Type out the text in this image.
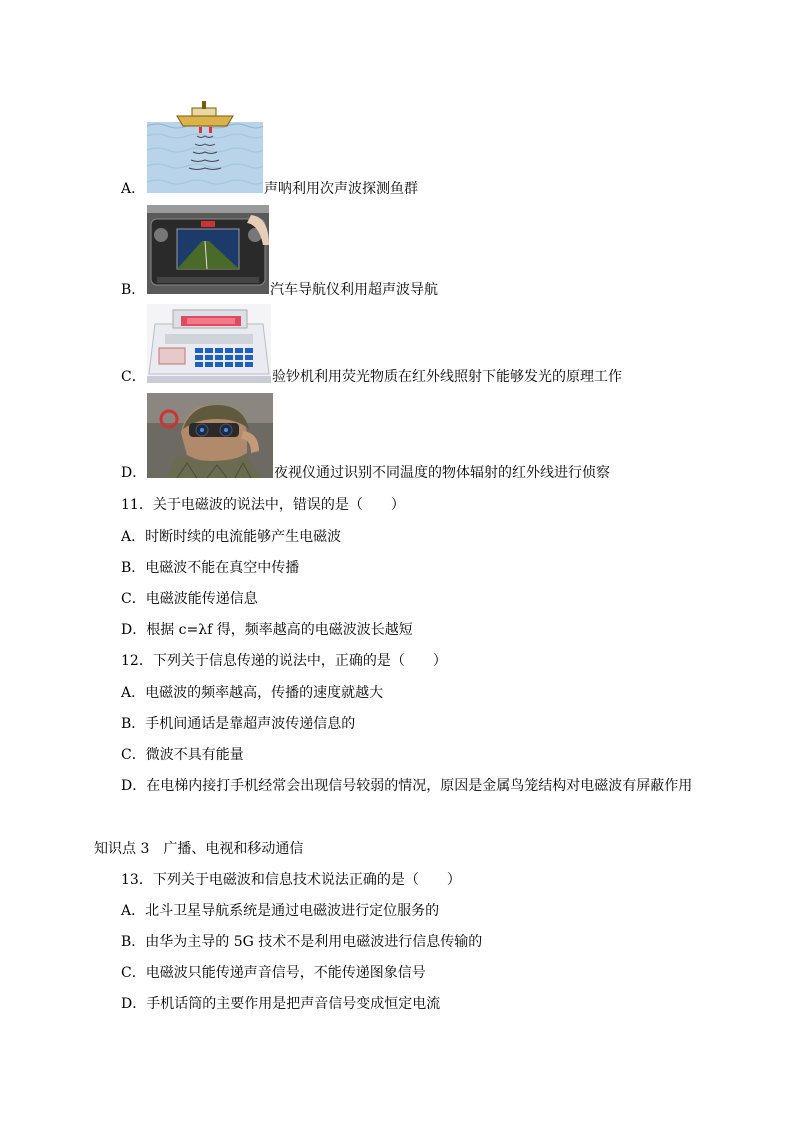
A．	声呐利用次声波探测鱼群
B．	汽车导航仪利用超声波导航
C．	验钞机利用荧光物质在红外线照射下能够发光的原理工作
D．	夜视仪通过识别不同温度的物体辐射的红外线进行侦察
11．关于电磁波的说法中，错误的是（　　）
A．时断时续的电流能够产生电磁波
B．电磁波不能在真空中传播
C．电磁波能传递信息
D．根据 c=λf 得，频率越高的电磁波波长越短
12．下列关于信息传递的说法中，正确的是（　　）
A．电磁波的频率越高，传播的速度就越大
B．手机间通话是靠超声波传递信息的
C．微波不具有能量
D．在电梯内接打手机经常会出现信号较弱的情况，原因是金属鸟笼结构对电磁波有屏蔽作用
知识点 3　广播、电视和移动通信
13．下列关于电磁波和信息技术说法正确的是（　　）
A．北斗卫星导航系统是通过电磁波进行定位服务的
B．由华为主导的 5G 技术不是利用电磁波进行信息传输的
C．电磁波只能传递声音信号，不能传递图象信号
D．手机话筒的主要作用是把声音信号变成恒定电流
